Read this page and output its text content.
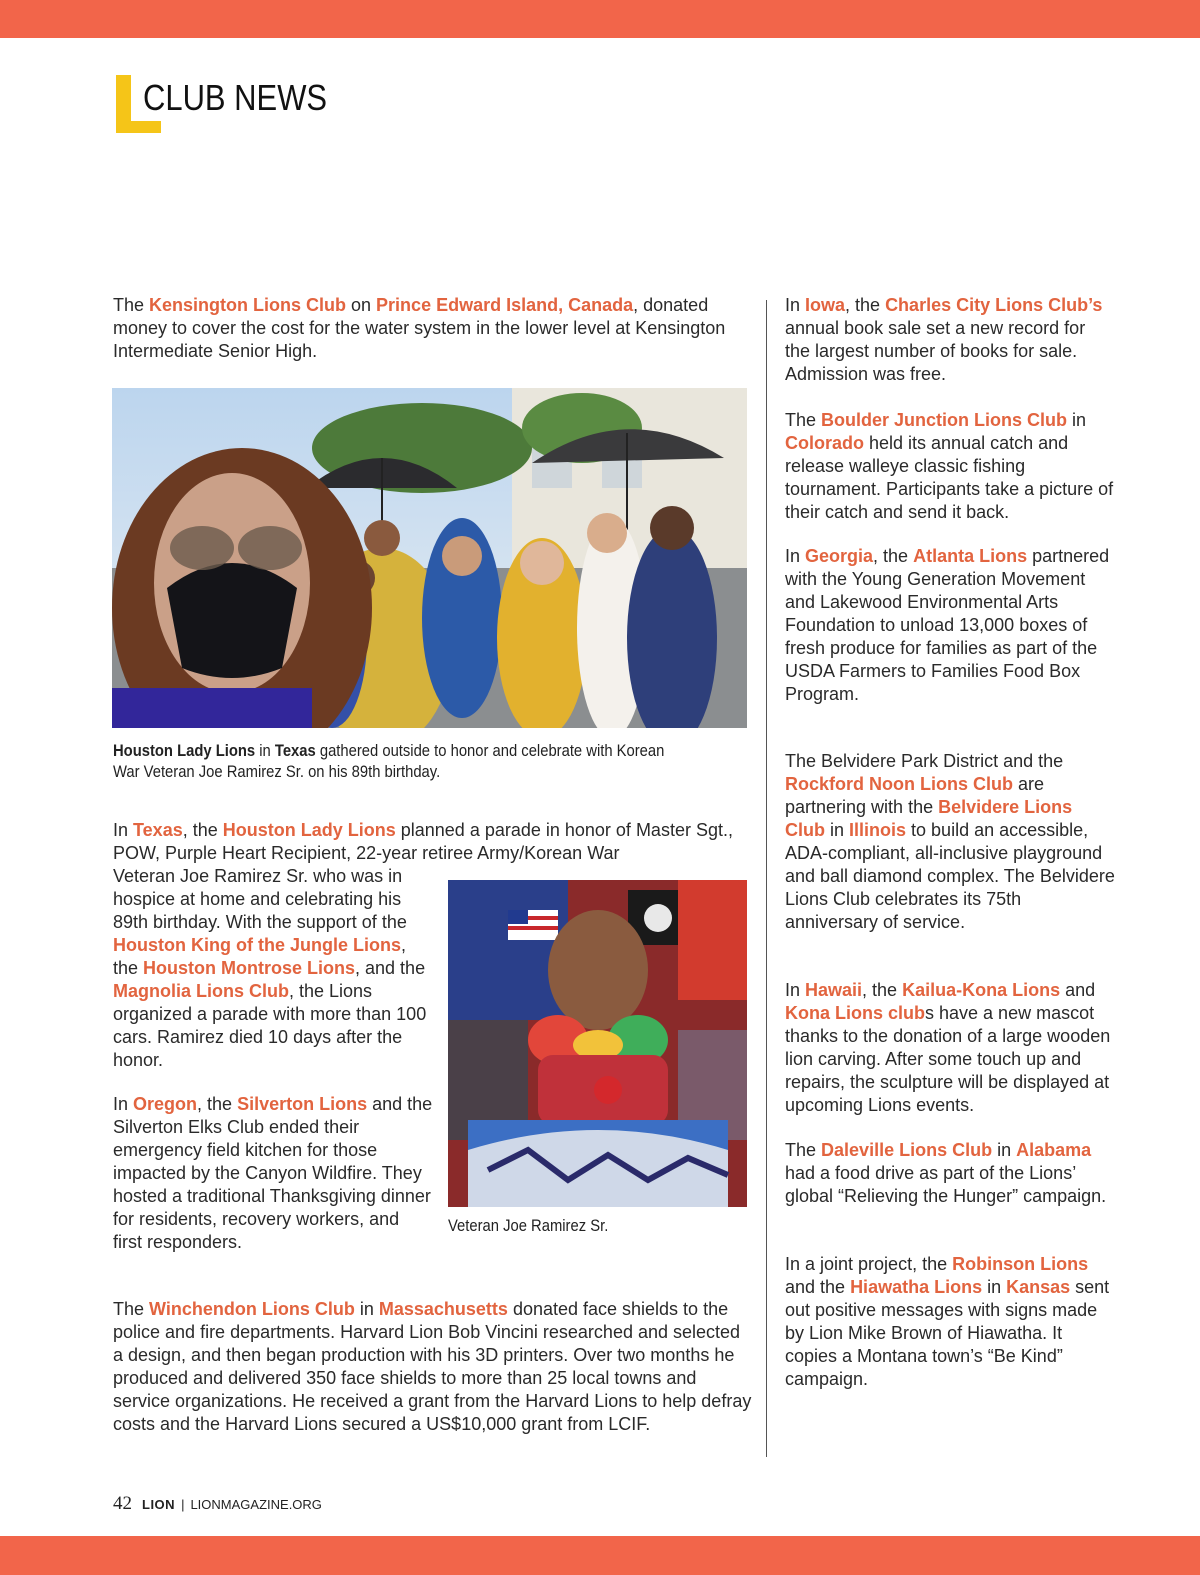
CLUB NEWS

The Kensington Lions Club on Prince Edward Island, Canada, donated money to cover the cost for the water system in the lower level at Kensington Intermediate Senior High.

Houston Lady Lions in Texas gathered outside to honor and celebrate with Korean War Veteran Joe Ramirez Sr. on his 89th birthday.

In Texas, the Houston Lady Lions planned a parade in honor of Master Sgt., POW, Purple Heart Recipient, 22-year retiree Army/Korean War

Veteran Joe Ramirez Sr. who was in hospice at home and celebrating his 89th birthday. With the support of the Houston King of the Jungle Lions, the Houston Montrose Lions, and the Magnolia Lions Club, the Lions organized a parade with more than 100 cars. Ramirez died 10 days after the honor.

Veteran Joe Ramirez Sr.

In Oregon, the Silverton Lions and the Silverton Elks Club ended their emergency field kitchen for those impacted by the Canyon Wildfire. They hosted a traditional Thanksgiving dinner for residents, recovery workers, and first responders.

The Winchendon Lions Club in Massachusetts donated face shields to the police and fire departments. Harvard Lion Bob Vincini researched and selected a design, and then began production with his 3D printers. Over two months he produced and delivered 350 face shields to more than 25 local towns and service organizations. He received a grant from the Harvard Lions to help defray costs and the Harvard Lions secured a US$10,000 grant from LCIF.

In Iowa, the Charles City Lions Club’s annual book sale set a new record for the largest number of books for sale. Admission was free.

The Boulder Junction Lions Club in Colorado held its annual catch and release walleye classic fishing tournament. Participants take a picture of their catch and send it back.

In Georgia, the Atlanta Lions partnered with the Young Generation Movement and Lakewood Environmental Arts Foundation to unload 13,000 boxes of fresh produce for families as part of the USDA Farmers to Families Food Box Program.

The Belvidere Park District and the Rockford Noon Lions Club are partnering with the Belvidere Lions Club in Illinois to build an accessible, ADA-compliant, all-inclusive playground and ball diamond complex. The Belvidere Lions Club celebrates its 75th anniversary of service.

In Hawaii, the Kailua-Kona Lions and Kona Lions clubs have a new mascot thanks to the donation of a large wooden lion carving. After some touch up and repairs, the sculpture will be displayed at upcoming Lions events.

The Daleville Lions Club in Alabama had a food drive as part of the Lions’ global “Relieving the Hunger” campaign.

In a joint project, the Robinson Lions and the Hiawatha Lions in Kansas sent out positive messages with signs made by Lion Mike Brown of Hiawatha. It copies a Montana town’s “Be Kind” campaign.

42 LION | LIONMAGAZINE.ORG
